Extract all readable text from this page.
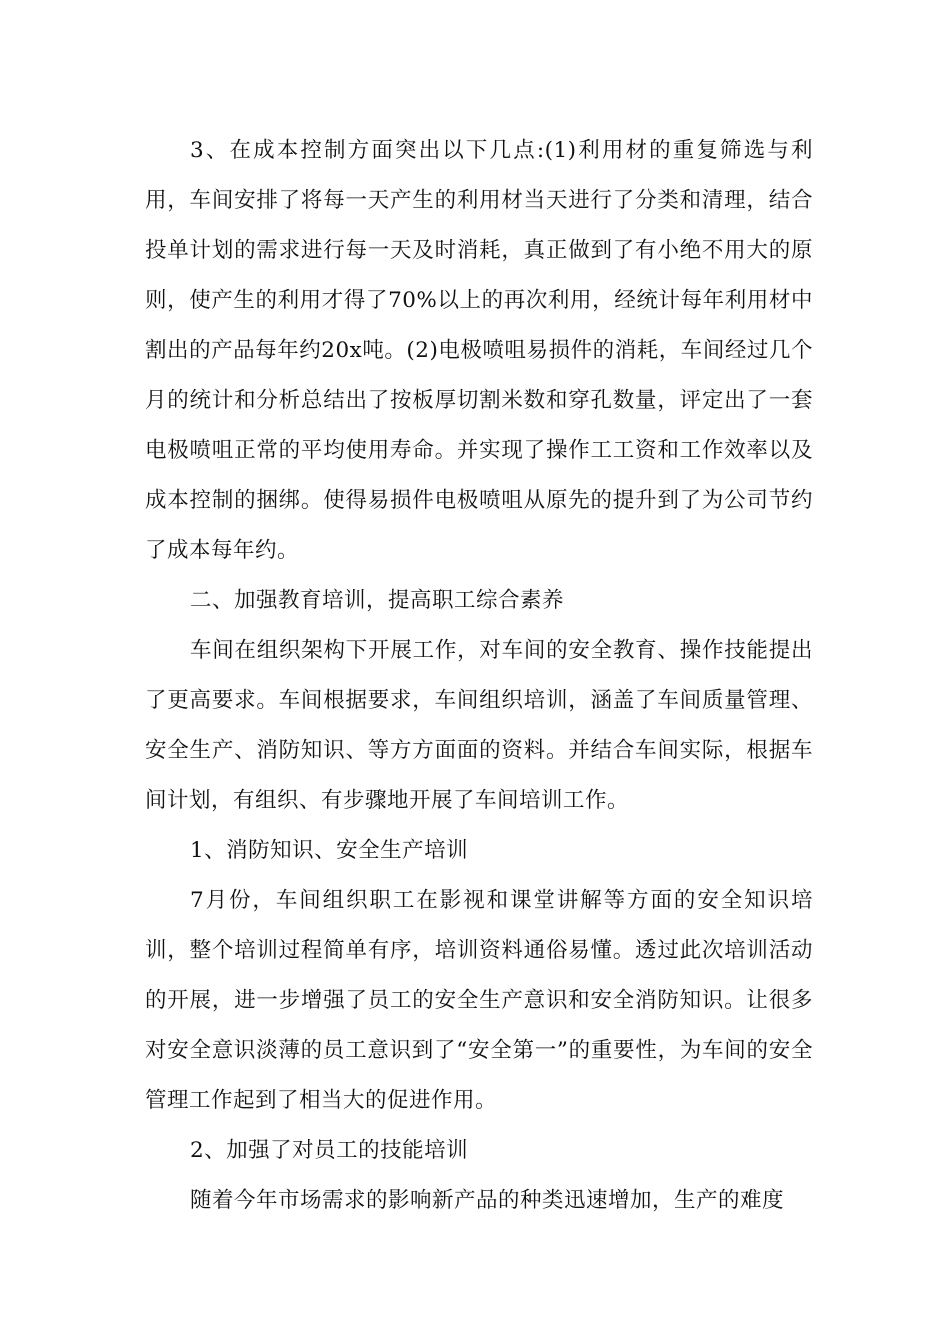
3、在成本控制方面突出以下几点:(1)利用材的重复筛选与利用，车间安排了将每一天产生的利用材当天进行了分类和清理，结合投单计划的需求进行每一天及时消耗，真正做到了有小绝不用大的原则，使产生的利用才得了70%以上的再次利用，经统计每年利用材中割出的产品每年约20x吨。(2)电极喷咀易损件的消耗，车间经过几个月的统计和分析总结出了按板厚切割米数和穿孔数量，评定出了一套电极喷咀正常的平均使用寿命。并实现了操作工工资和工作效率以及成本控制的捆绑。使得易损件电极喷咀从原先的提升到了为公司节约了成本每年约。

二、加强教育培训，提高职工综合素养

车间在组织架构下开展工作，对车间的安全教育、操作技能提出了更高要求。车间根据要求，车间组织培训，涵盖了车间质量管理、安全生产、消防知识、等方方面面的资料。并结合车间实际，根据车间计划，有组织、有步骤地开展了车间培训工作。

1、消防知识、安全生产培训

7月份，车间组织职工在影视和课堂讲解等方面的安全知识培训，整个培训过程简单有序，培训资料通俗易懂。透过此次培训活动的开展，进一步增强了员工的安全生产意识和安全消防知识。让很多对安全意识淡薄的员工意识到了“安全第一”的重要性，为车间的安全管理工作起到了相当大的促进作用。

2、加强了对员工的技能培训

随着今年市场需求的影响新产品的种类迅速增加，生产的难度
